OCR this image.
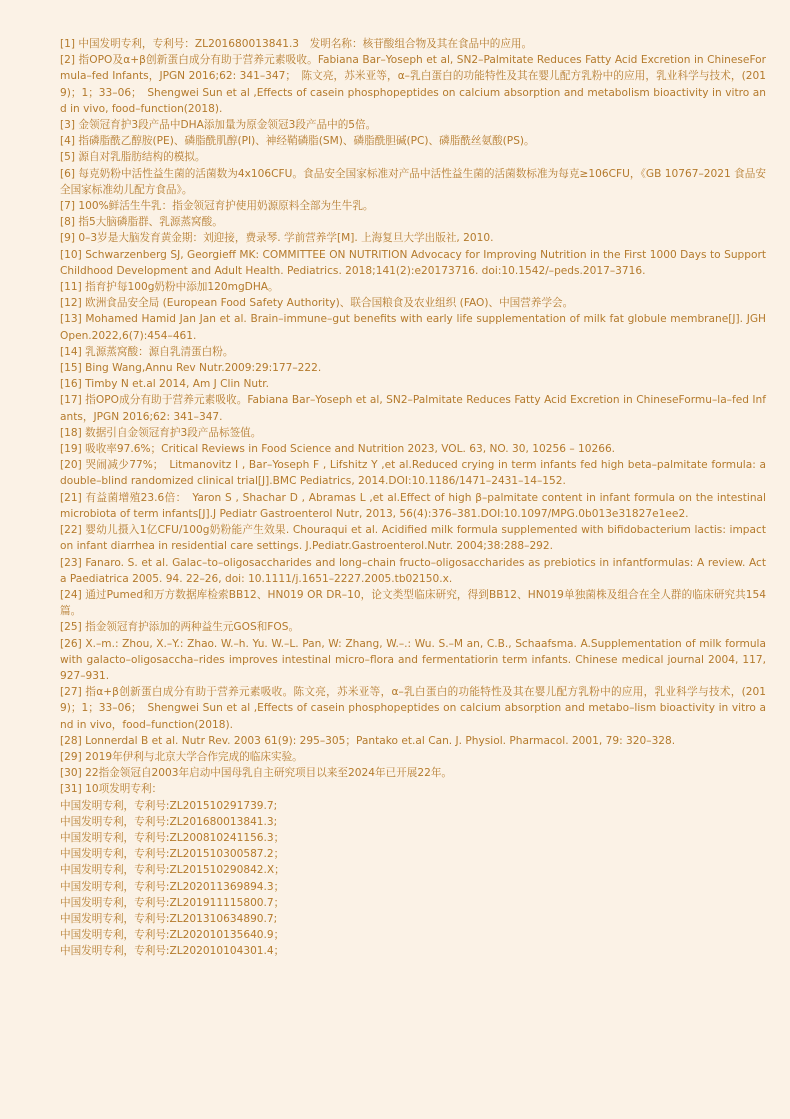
[1] 中国发明专利，专利号：ZL201680013841.3　发明名称：核苷酸组合物及其在食品中的应用。

[2] 指OPO及α+β创新蛋白成分有助于营养元素吸收。Fabiana Bar–Yoseph et al, SN2–Palmitate Reduces Fatty Acid Excretion in ChineseFormula–fed Infants，JPGN 2016;62: 341–347；　陈文亮，苏米亚等，α–乳白蛋白的功能特性及其在婴儿配方乳粉中的应用，乳业科学与技术，(2019)；1；33–06；　Shengwei Sun et al ,Effects of casein phosphopeptides on calcium absorption and metabolism bioactivity in vitro and in vivo, food–function(2018).

[3] 金领冠育护3段产品中DHA添加量为原金领冠3段产品中的5倍。

[4] 指磷脂酰乙醇胺(PE)、磷脂酰肌醇(PI)、神经鞘磷脂(SM)、磷脂酰胆碱(PC)、磷脂酰丝氨酸(PS)。

[5] 源自对乳脂肪结构的模拟。

[6] 每克奶粉中活性益生菌的活菌数为4x106CFU。食品安全国家标准对产品中活性益生菌的活菌数标准为每克≥106CFU，《GB 10767–2021 食品安全国家标准幼儿配方食品》。

[7] 100%鲜活生牛乳：指金领冠育护使用奶源原料全部为生牛乳。

[8] 指5大脑磷脂群、乳源蒸窝酸。

[9] 0–3岁是大脑发育黄金期：刘迎接，费录琴. 学前营养学[M]. 上海复旦大学出版社, 2010.

[10] Schwarzenberg SJ, Georgieff MK: COMMITTEE ON NUTRITION Advocacy for Improving Nutrition in the First 1000 Days to Support Childhood Development and Adult Health. Pediatrics. 2018;141(2):e20173716. doi:10.1542/–peds.2017–3716.

[11] 指育护每100g奶粉中添加120mgDHA。

[12] 欧洲食品安全局 (European Food Safety Authority)、联合国粮食及农业组织 (FAO)、中国营养学会。

[13] Mohamed Hamid Jan Jan et al. Brain–immune–gut benefits with early life supplementation of milk fat globule membrane[J]. JGH Open.2022,6(7):454–461.

[14] 乳源蒸窝酸：源自乳清蛋白粉。

[15] Bing Wang,Annu Rev Nutr.2009:29:177–222.

[16] Timby N et.al 2014, Am J Clin Nutr.

[17] 指OPO成分有助于营养元素吸收。Fabiana Bar–Yoseph et al, SN2–Palmitate Reduces Fatty Acid Excretion in ChineseFormu–la–fed Infants，JPGN 2016;62: 341–347.

[18] 数据引自金领冠育护3段产品标签值。

[19] 吸收率97.6%；Critical Reviews in Food Science and Nutrition 2023, VOL. 63, NO. 30, 10256 – 10266.

[20] 哭闹减少77%；　Litmanovitz I , Bar–Yoseph F , Lifshitz Y ,et al.Reduced crying in term infants fed high beta–palmitate formula: a double–blind randomized clinical trial[J].BMC Pediatrics, 2014.DOI:10.1186/1471–2431–14–152.

[21] 有益菌增殖23.6倍：　Yaron S , Shachar D , Abramas L ,et al.Effect of high β–palmitate content in infant formula on the intestinal microbiota of term infants[J].J Pediatr Gastroenterol Nutr, 2013, 56(4):376–381.DOI:10.1097/MPG.0b013e31827e1ee2.

[22] 婴幼儿摄入1亿CFU/100g奶粉能产生效果. Chouraqui et al. Acidified milk formula supplemented with bifidobacterium lactis: impact on infant diarrhea in residential care settings. J.Pediatr.Gastroenterol.Nutr. 2004;38:288–292.

[23] Fanaro. S. et al. Galac–to–oligosaccharides and long–chain fructo–oligosaccharides as prebiotics in infantformulas: A review. Acta Paediatrica 2005. 94. 22–26, doi: 10.1111/j.1651–2227.2005.tb02150.x.

[24] 通过Pumed和万方数据库检索BB12、HN019 OR DR–10，论文类型临床研究，得到BB12、HN019单独菌株及组合在全人群的临床研究共154篇。

[25] 指金领冠育护添加的两种益生元GOS和FOS。

[26] X.–m.: Zhou, X.–Y.: Zhao. W.–h. Yu. W.–L. Pan, W: Zhang, W.–.: Wu. S.–M an, C.B., Schaafsma. A.Supplementation of milk formula with galacto–oligosaccha–rides improves intestinal micro–flora and fermentatiorin term infants. Chinese medical journal 2004, 117, 927–931.

[27] 指α+β创新蛋白成分有助于营养元素吸收。陈文亮，苏米亚等，α–乳白蛋白的功能特性及其在婴儿配方乳粉中的应用，乳业科学与技术，(2019)；1；33–06；　Shengwei Sun et al ,Effects of casein phosphopeptides on calcium absorption and metabo–lism bioactivity in vitro and in vivo，food–function(2018).

[28] Lonnerdal B et al. Nutr Rev. 2003 61(9): 295–305；Pantako et.al Can. J. Physiol. Pharmacol. 2001, 79: 320–328.

[29] 2019年伊利与北京大学合作完成的临床实验。

[30] 22指金领冠自2003年启动中国母乳自主研究项目以来至2024年已开展22年。

[31] 10项发明专利：

中国发明专利，专利号:ZL201510291739.7;
中国发明专利，专利号:ZL201680013841.3;
中国发明专利，专利号:ZL200810241156.3；
中国发明专利，专利号:ZL201510300587.2；
中国发明专利，专利号:ZL201510290842.X；
中国发明专利，专利号:ZL202011369894.3；
中国发明专利，专利号:ZL201911115800.7；
中国发明专利，专利号:ZL201310634890.7;
中国发明专利，专利号:ZL202010135640.9；
中国发明专利，专利号:ZL202010104301.4；
